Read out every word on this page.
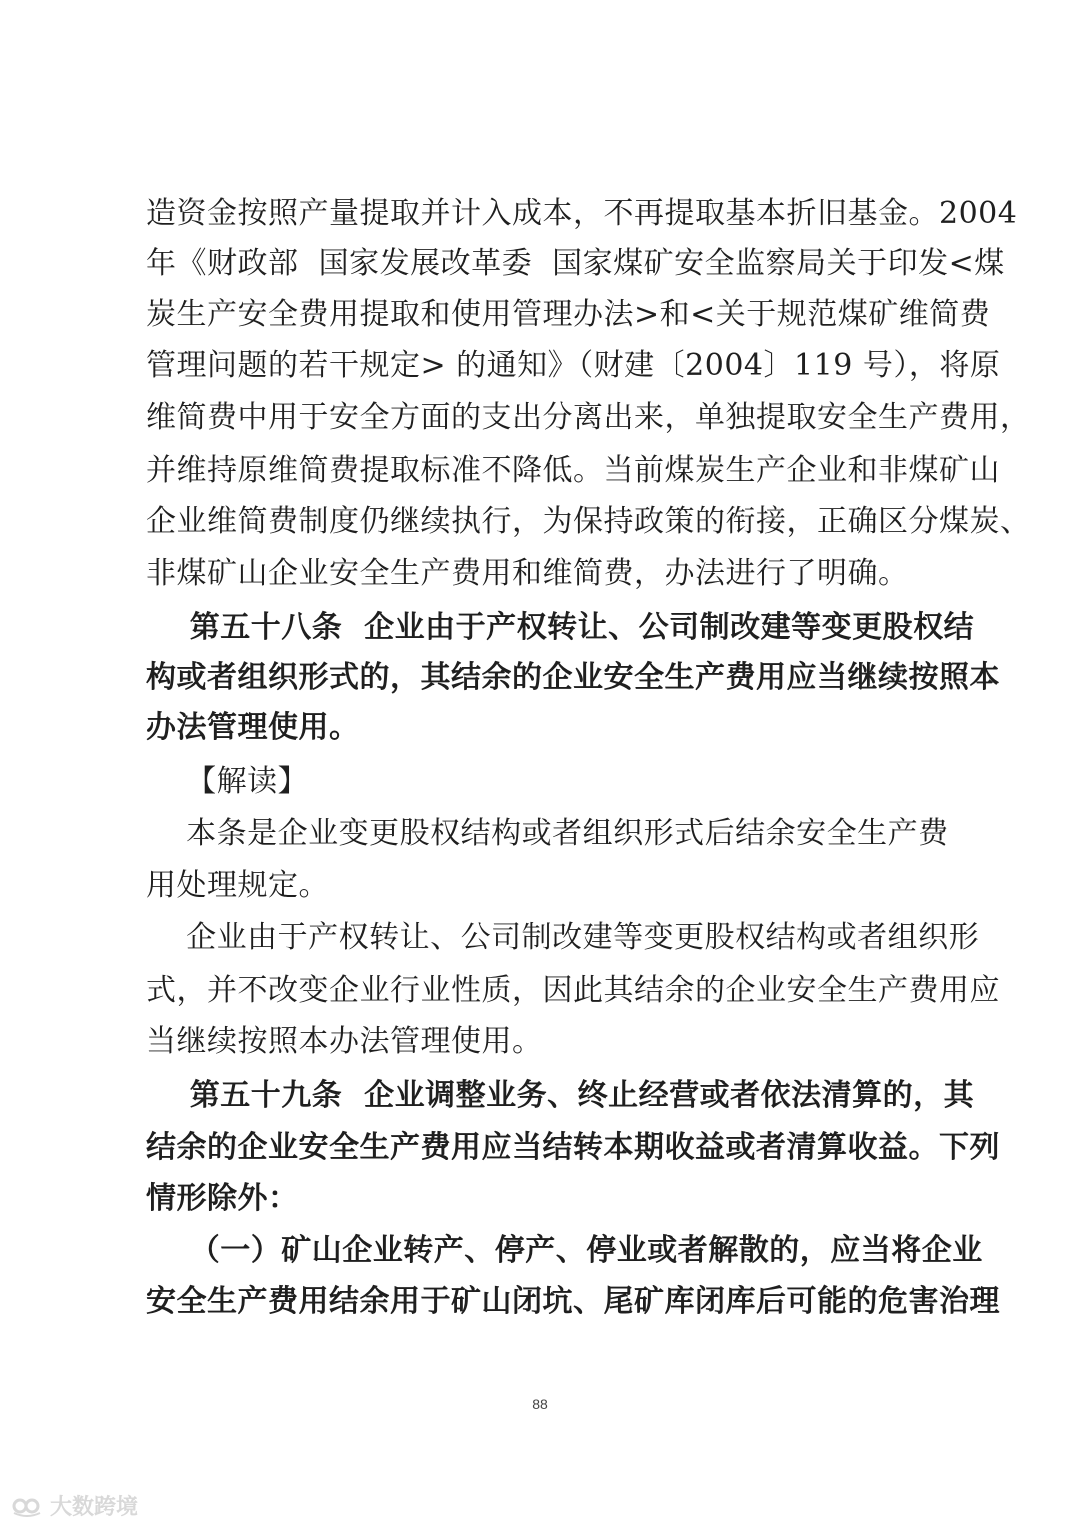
造资金按照产量提取并计入成本，不再提取基本折旧基金。2004
年《财政部  国家发展改革委  国家煤矿安全监察局关于印发<煤
炭生产安全费用提取和使用管理办法>和<关于规范煤矿维简费
管理问题的若干规定> 的通知》（财建〔2004〕119 号），将原
维简费中用于安全方面的支出分离出来，单独提取安全生产费用，
并维持原维简费提取标准不降低。当前煤炭生产企业和非煤矿山
企业维简费制度仍继续执行，为保持政策的衔接，正确区分煤炭、
非煤矿山企业安全生产费用和维简费，办法进行了明确。
第五十八条  企业由于产权转让、公司制改建等变更股权结
构或者组织形式的，其结余的企业安全生产费用应当继续按照本
办法管理使用。
【解读】
本条是企业变更股权结构或者组织形式后结余安全生产费
用处理规定。
企业由于产权转让、公司制改建等变更股权结构或者组织形
式，并不改变企业行业性质，因此其结余的企业安全生产费用应
当继续按照本办法管理使用。
第五十九条  企业调整业务、终止经营或者依法清算的，其
结余的企业安全生产费用应当结转本期收益或者清算收益。下列
情形除外：
（一）矿山企业转产、停产、停业或者解散的，应当将企业
安全生产费用结余用于矿山闭坑、尾矿库闭库后可能的危害治理
88
大数跨境
